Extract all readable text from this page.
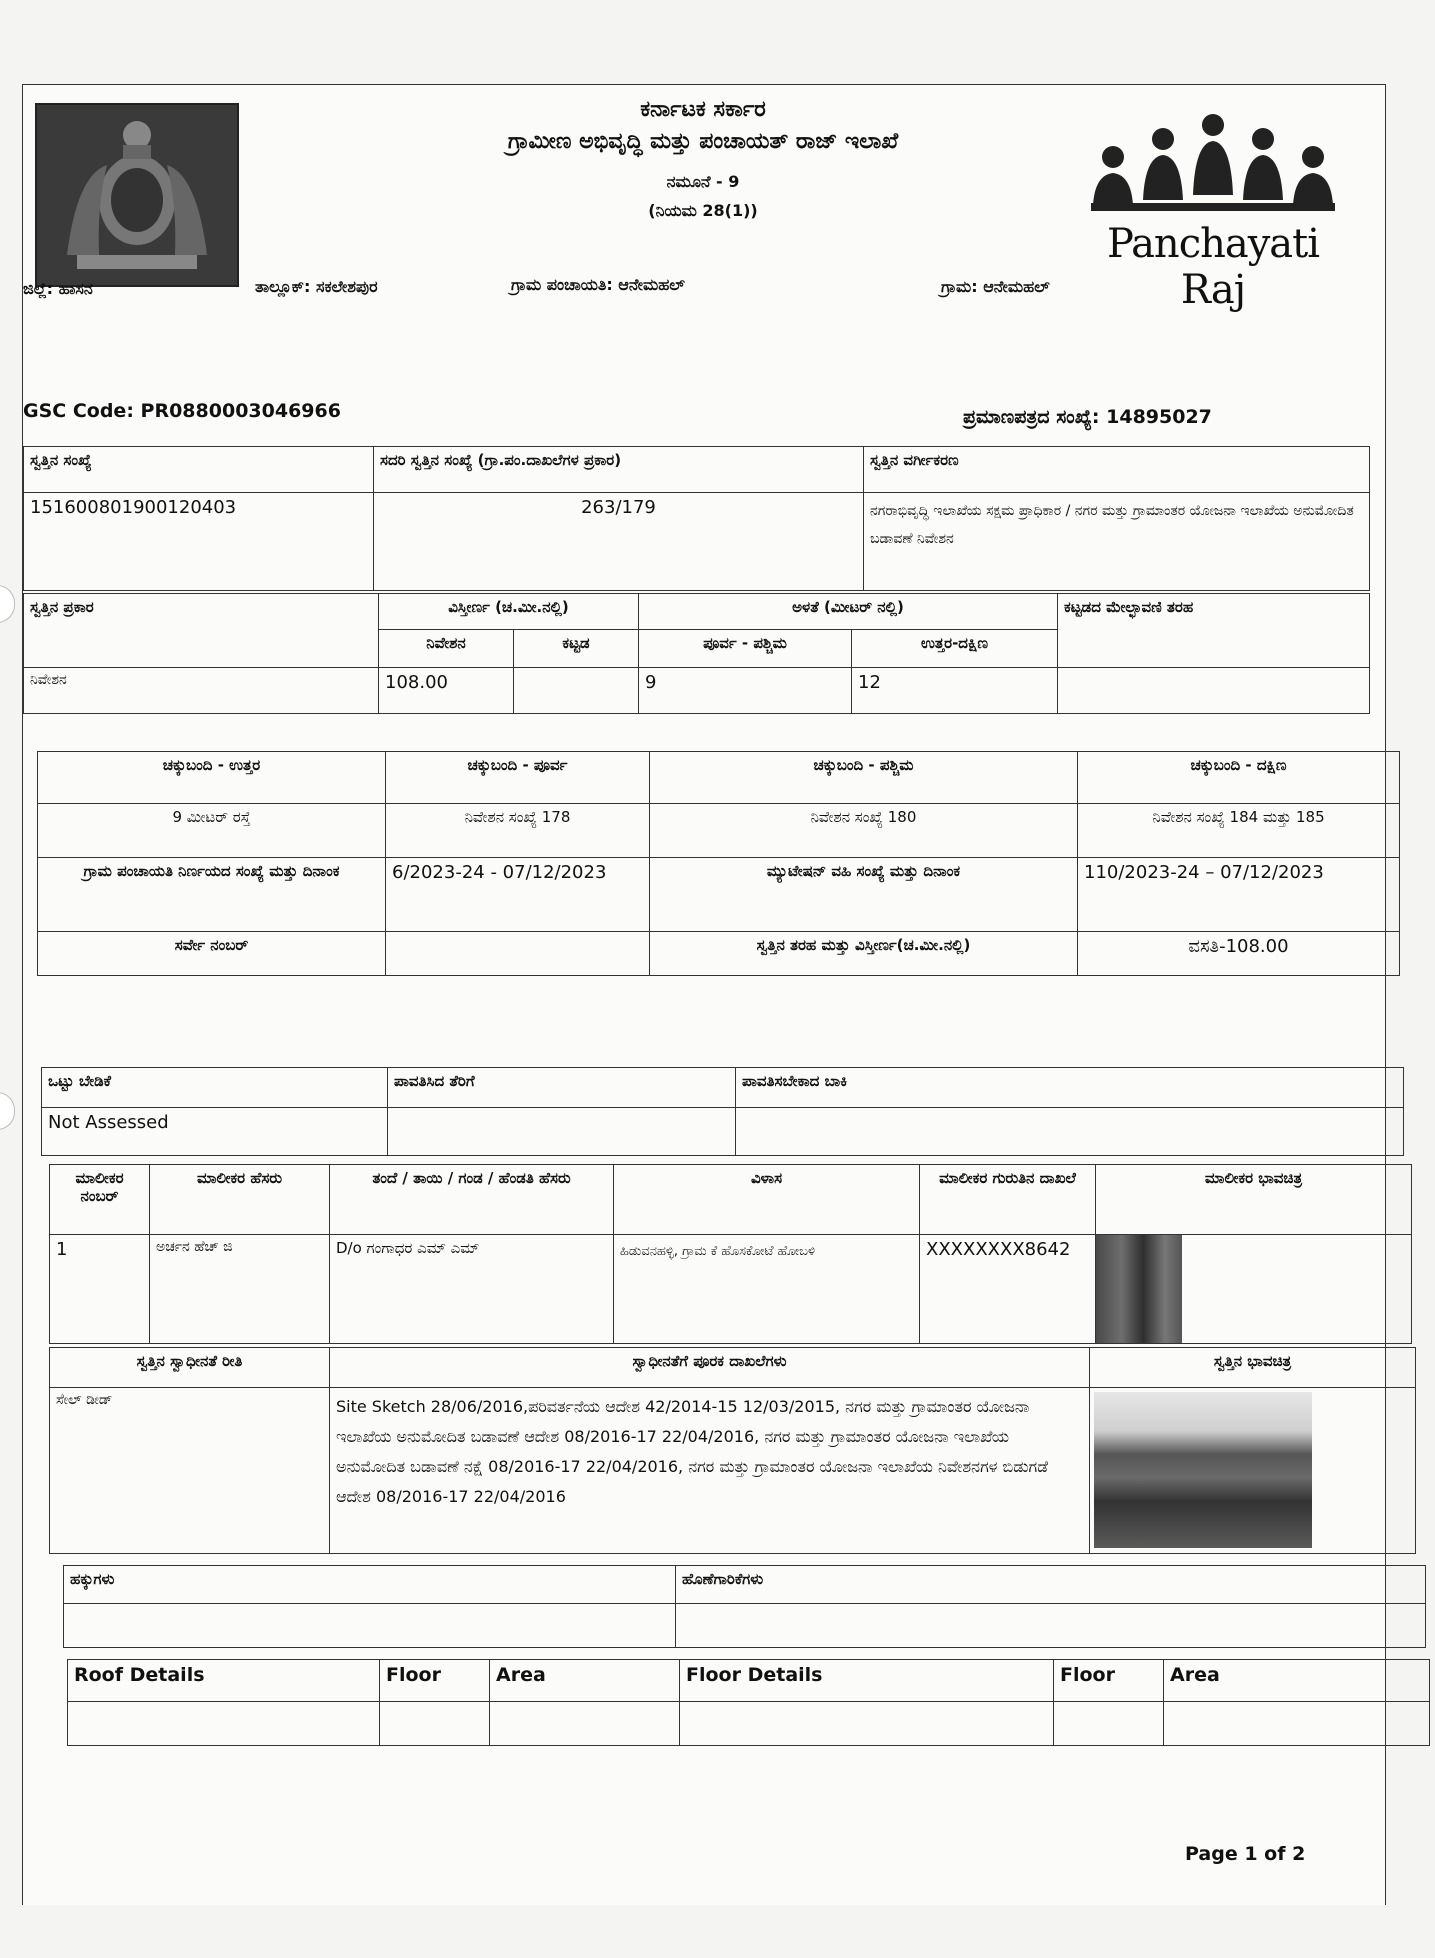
ಕರ್ನಾಟಕ ಸರ್ಕಾರ
ಗ್ರಾಮೀಣ ಅಭಿವೃದ್ಧಿ ಮತ್ತು ಪಂಚಾಯತ್ ರಾಜ್ ಇಲಾಖೆ
ನಮೂನೆ - 9
(ನಿಯಮ 28(1))
Panchayati Raj
ಜಿಲ್ಲೆ: ಹಾಸನ	ತಾಲ್ಲೂಕ್: ಸಕಲೇಶಪುರ	ಗ್ರಾಮ ಪಂಚಾಯತಿ: ಆನೇಮಹಲ್	ಗ್ರಾಮ: ಆನೇಮಹಲ್
GSC Code: PR0880003046966	ಪ್ರಮಾಣಪತ್ರದ ಸಂಖ್ಯೆ: 14895027
ಸ್ವತ್ತಿನ ಸಂಖ್ಯೆ	ಸದರಿ ಸ್ವತ್ತಿನ ಸಂಖ್ಯೆ (ಗ್ರಾ.ಪಂ.ದಾಖಲೆಗಳ ಪ್ರಕಾರ)	ಸ್ವತ್ತಿನ ವರ್ಗೀಕರಣ
151600801900120403	263/179	ನಗರಾಭಿವೃದ್ಧಿ ಇಲಾಖೆಯ ಸಕ್ಷಮ ಪ್ರಾಧಿಕಾರ / ನಗರ ಮತ್ತು ಗ್ರಾಮಾಂತರ ಯೋಜನಾ ಇಲಾಖೆಯ ಅನುಮೋದಿತ ಬಡಾವಣೆ ನಿವೇಶನ
ಸ್ವತ್ತಿನ ಪ್ರಕಾರ	ವಿಸ್ತೀರ್ಣ (ಚ.ಮೀ.ನಲ್ಲಿ)		ಅಳತೆ (ಮೀಟರ್ ನಲ್ಲಿ)		ಕಟ್ಟಡದ ಮೇಲ್ಛಾವಣಿ ತರಹ
	ನಿವೇಶನ	ಕಟ್ಟಡ	ಪೂರ್ವ - ಪಶ್ಚಿಮ	ಉತ್ತರ-ದಕ್ಷಿಣ	
ನಿವೇಶನ	108.00		9	12	
ಚಕ್ಕುಬಂದಿ - ಉತ್ತರ	ಚಕ್ಕುಬಂದಿ - ಪೂರ್ವ	ಚಕ್ಕುಬಂದಿ - ಪಶ್ಚಿಮ	ಚಕ್ಕುಬಂದಿ - ದಕ್ಷಿಣ
9 ಮೀಟರ್ ರಸ್ತೆ	ನಿವೇಶನ ಸಂಖ್ಯೆ 178	ನಿವೇಶನ ಸಂಖ್ಯೆ 180	ನಿವೇಶನ ಸಂಖ್ಯೆ 184 ಮತ್ತು 185
ಗ್ರಾಮ ಪಂಚಾಯತಿ ನಿರ್ಣಯದ ಸಂಖ್ಯೆ ಮತ್ತು ದಿನಾಂಕ	6/2023-24 - 07/12/2023	ಮ್ಯುಟೇಷನ್ ವಹಿ ಸಂಖ್ಯೆ ಮತ್ತು ದಿನಾಂಕ	110/2023-24 – 07/12/2023
ಸರ್ವೇ ನಂಬರ್		ಸ್ವತ್ತಿನ ತರಹ ಮತ್ತು ವಿಸ್ತೀರ್ಣ(ಚ.ಮೀ.ನಲ್ಲಿ)	ವಸತಿ-108.00
ಒಟ್ಟು ಬೇಡಿಕೆ	ಪಾವತಿಸಿದ ತೆರಿಗೆ	ಪಾವತಿಸಬೇಕಾದ ಬಾಕಿ
Not Assessed		
ಮಾಲೀಕರ ನಂಬರ್	ಮಾಲೀಕರ ಹೆಸರು	ತಂದೆ / ತಾಯಿ / ಗಂಡ / ಹೆಂಡತಿ ಹೆಸರು	ವಿಳಾಸ	ಮಾಲೀಕರ ಗುರುತಿನ ದಾಖಲೆ	ಮಾಲೀಕರ ಭಾವಚಿತ್ರ
1	ಅರ್ಚನ ಹೆಚ್ ಜಿ	D/o ಗಂಗಾಧರ ಎಮ್ ಎಮ್	ಹಿಡುವನಹಳ್ಳಿ, ಗ್ರಾಮ ಕೆ ಹೊಸಕೋಟೆ ಹೋಬಳಿ	XXXXXXXX8642	
ಸ್ವತ್ತಿನ ಸ್ವಾಧೀನತೆ ರೀತಿ	ಸ್ವಾಧೀನತೆಗೆ ಪೂರಕ ದಾಖಲೆಗಳು	ಸ್ವತ್ತಿನ ಭಾವಚಿತ್ರ
ಸೇಲ್ ಡೀಡ್	Site Sketch 28/06/2016,ಪರಿವರ್ತನೆಯ ಆದೇಶ 42/2014-15 12/03/2015, ನಗರ ಮತ್ತು ಗ್ರಾಮಾಂತರ ಯೋಜನಾ ಇಲಾಖೆಯ ಅನುಮೋದಿತ ಬಡಾವಣೆ ಆದೇಶ 08/2016-17 22/04/2016, ನಗರ ಮತ್ತು ಗ್ರಾಮಾಂತರ ಯೋಜನಾ ಇಲಾಖೆಯ ಅನುಮೋದಿತ ಬಡಾವಣೆ ನಕ್ಷೆ 08/2016-17 22/04/2016, ನಗರ ಮತ್ತು ಗ್ರಾಮಾಂತರ ಯೋಜನಾ ಇಲಾಖೆಯ ನಿವೇಶನಗಳ ಬಿಡುಗಡೆ ಆದೇಶ 08/2016-17 22/04/2016	
ಹಕ್ಕುಗಳು	ಹೊಣೆಗಾರಿಕೆಗಳು

Roof Details	Floor	Area	Floor Details	Floor	Area

Page 1 of 2
